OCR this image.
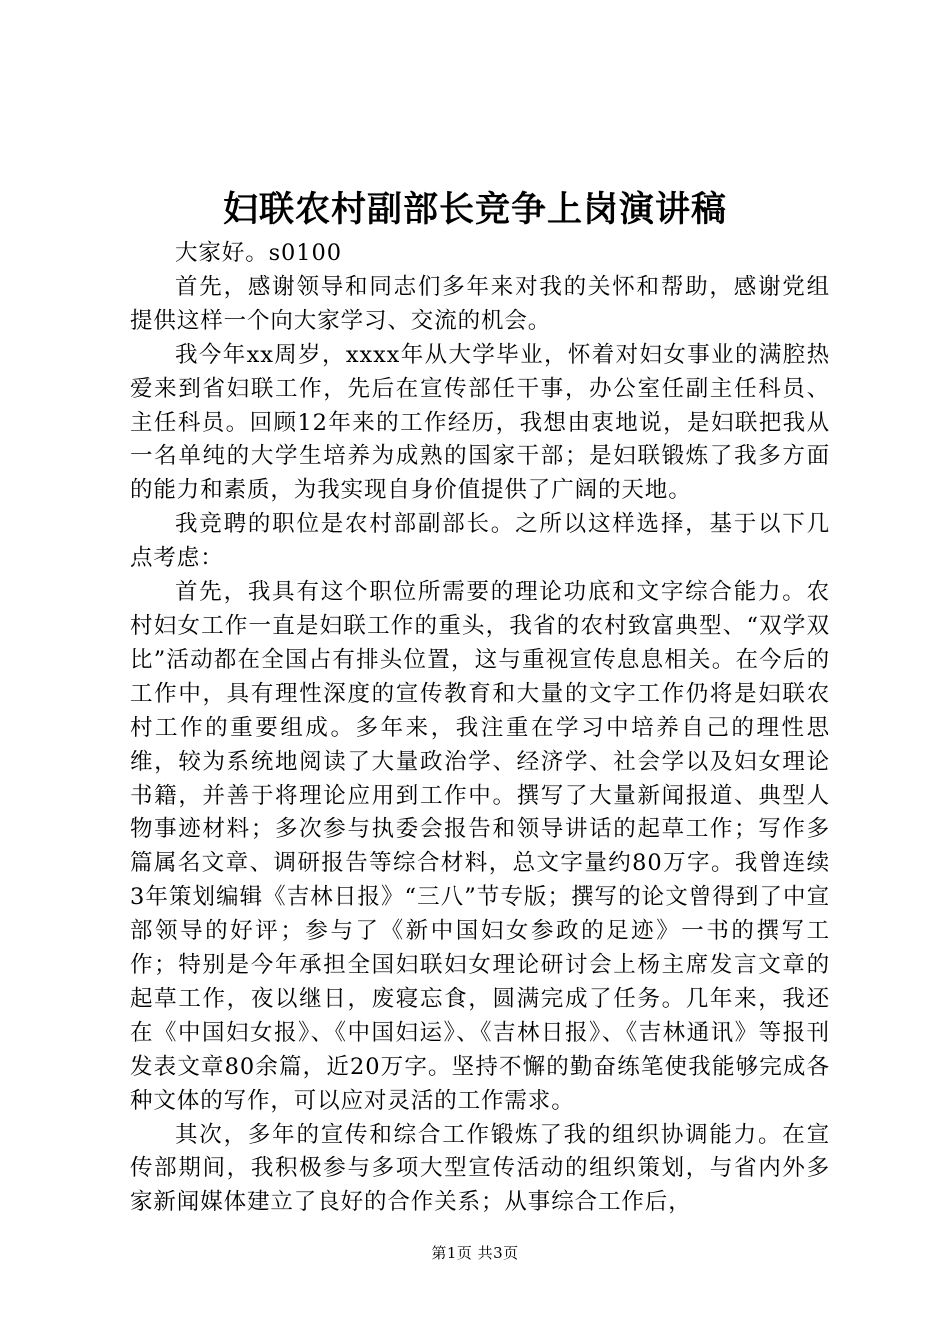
妇联农村副部长竞争上岗演讲稿

大家好。s0100

首先，感谢领导和同志们多年来对我的关怀和帮助，感谢党组提供这样一个向大家学习、交流的机会。

我今年xx周岁，xxxx年从大学毕业，怀着对妇女事业的满腔热爱来到省妇联工作，先后在宣传部任干事，办公室任副主任科员、主任科员。回顾12年来的工作经历，我想由衷地说，是妇联把我从一名单纯的大学生培养为成熟的国家干部；是妇联锻炼了我多方面的能力和素质，为我实现自身价值提供了广阔的天地。

我竞聘的职位是农村部副部长。之所以这样选择，基于以下几点考虑：

首先，我具有这个职位所需要的理论功底和文字综合能力。农村妇女工作一直是妇联工作的重头，我省的农村致富典型、“双学双比”活动都在全国占有排头位置，这与重视宣传息息相关。在今后的工作中，具有理性深度的宣传教育和大量的文字工作仍将是妇联农村工作的重要组成。多年来，我注重在学习中培养自己的理性思维，较为系统地阅读了大量政治学、经济学、社会学以及妇女理论书籍，并善于将理论应用到工作中。撰写了大量新闻报道、典型人物事迹材料；多次参与执委会报告和领导讲话的起草工作；写作多篇属名文章、调研报告等综合材料，总文字量约80万字。我曾连续3年策划编辑《吉林日报》“三八”节专版；撰写的论文曾得到了中宣部领导的好评；参与了《新中国妇女参政的足迹》一书的撰写工作；特别是今年承担全国妇联妇女理论研讨会上杨主席发言文章的起草工作，夜以继日，废寝忘食，圆满完成了任务。几年来，我还在《中国妇女报》、《中国妇运》、《吉林日报》、《吉林通讯》等报刊发表文章80余篇，近20万字。坚持不懈的勤奋练笔使我能够完成各种文体的写作，可以应对灵活的工作需求。

其次，多年的宣传和综合工作锻炼了我的组织协调能力。在宣传部期间，我积极参与多项大型宣传活动的组织策划，与省内外多家新闻媒体建立了良好的合作关系；从事综合工作后，

第1页 共3页
